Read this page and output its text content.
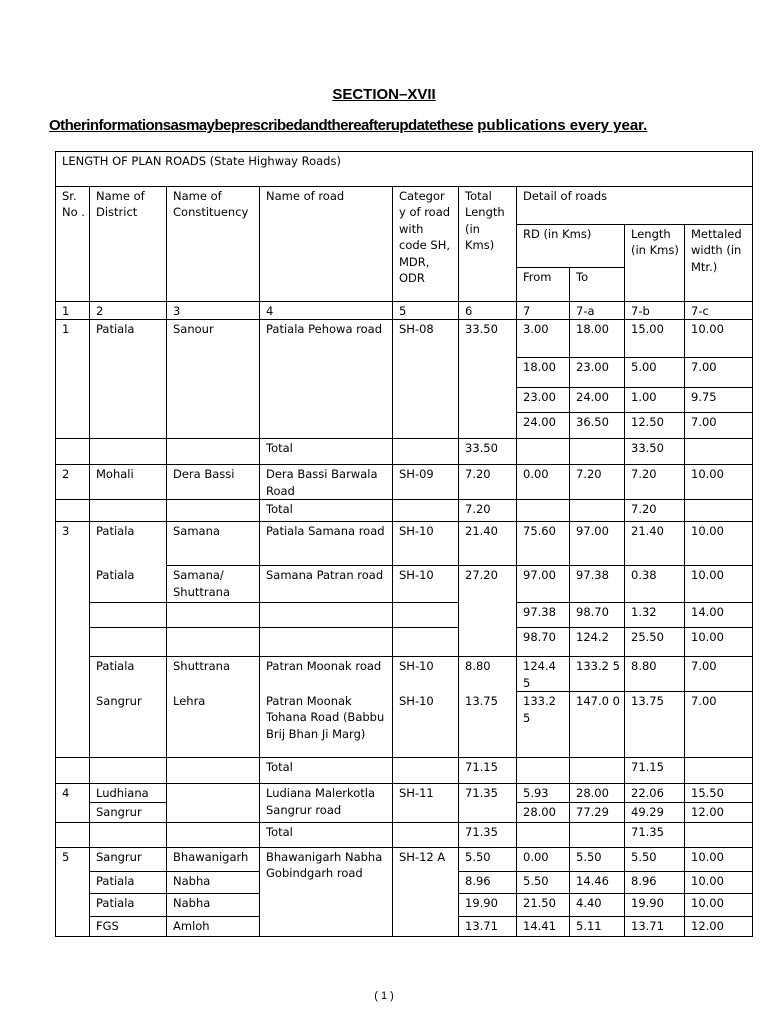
SECTION–XVII
Otherinformationsasmaybeprescribedandthereafterupdatethese publications every year.
LENGTH OF PLAN ROADS (State Highway Roads)									
Sr. No .	Name of District	Name of Constituency	Name of road	Categor y of road with code SH, MDR, ODR	Total Length (in Kms)	Detail of roads			
						RD (in Kms)		Length (in Kms)	Mettaled width (in Mtr.)
						From	To		
1	2	3	4	5	6	7	7-a	7-b	7-c
1	Patiala	Sanour	Patiala Pehowa road	SH-08	33.50	3.00	18.00	15.00	10.00
						18.00	23.00	5.00	7.00
						23.00	24.00	1.00	9.75
						24.00	36.50	12.50	7.00
			Total		33.50			33.50	
2	Mohali	Dera Bassi	Dera Bassi Barwala Road	SH-09	7.20	0.00	7.20	7.20	10.00
			Total		7.20			7.20	
3	Patiala	Samana	Patiala Samana road	SH-10	21.40	75.60	97.00	21.40	10.00
	Patiala	Samana/ Shuttrana	Samana Patran road	SH-10	27.20	97.00	97.38	0.38	10.00
						97.38	98.70	1.32	14.00
						98.70	124.2	25.50	10.00
	Patiala	Shuttrana	Patran Moonak road	SH-10	8.80	124.4 5	133.2 5	8.80	7.00
	Sangrur	Lehra	Patran Moonak Tohana Road (Babbu Brij Bhan Ji Marg)	SH-10	13.75	133.2 5	147.0 0	13.75	7.00
			Total		71.15			71.15	
4	Ludhiana		Ludiana Malerkotla Sangrur road	SH-11	71.35	5.93	28.00	22.06	15.50
	Sangrur					28.00	77.29	49.29	12.00
			Total		71.35			71.35	
5	Sangrur	Bhawanigarh	Bhawanigarh Nabha Gobindgarh road	SH-12 A	5.50	0.00	5.50	5.50	10.00
	Patiala	Nabha			8.96	5.50	14.46	8.96	10.00
	Patiala	Nabha			19.90	21.50	4.40	19.90	10.00
	FGS	Amloh			13.71	14.41	5.11	13.71	12.00
( 1 )
